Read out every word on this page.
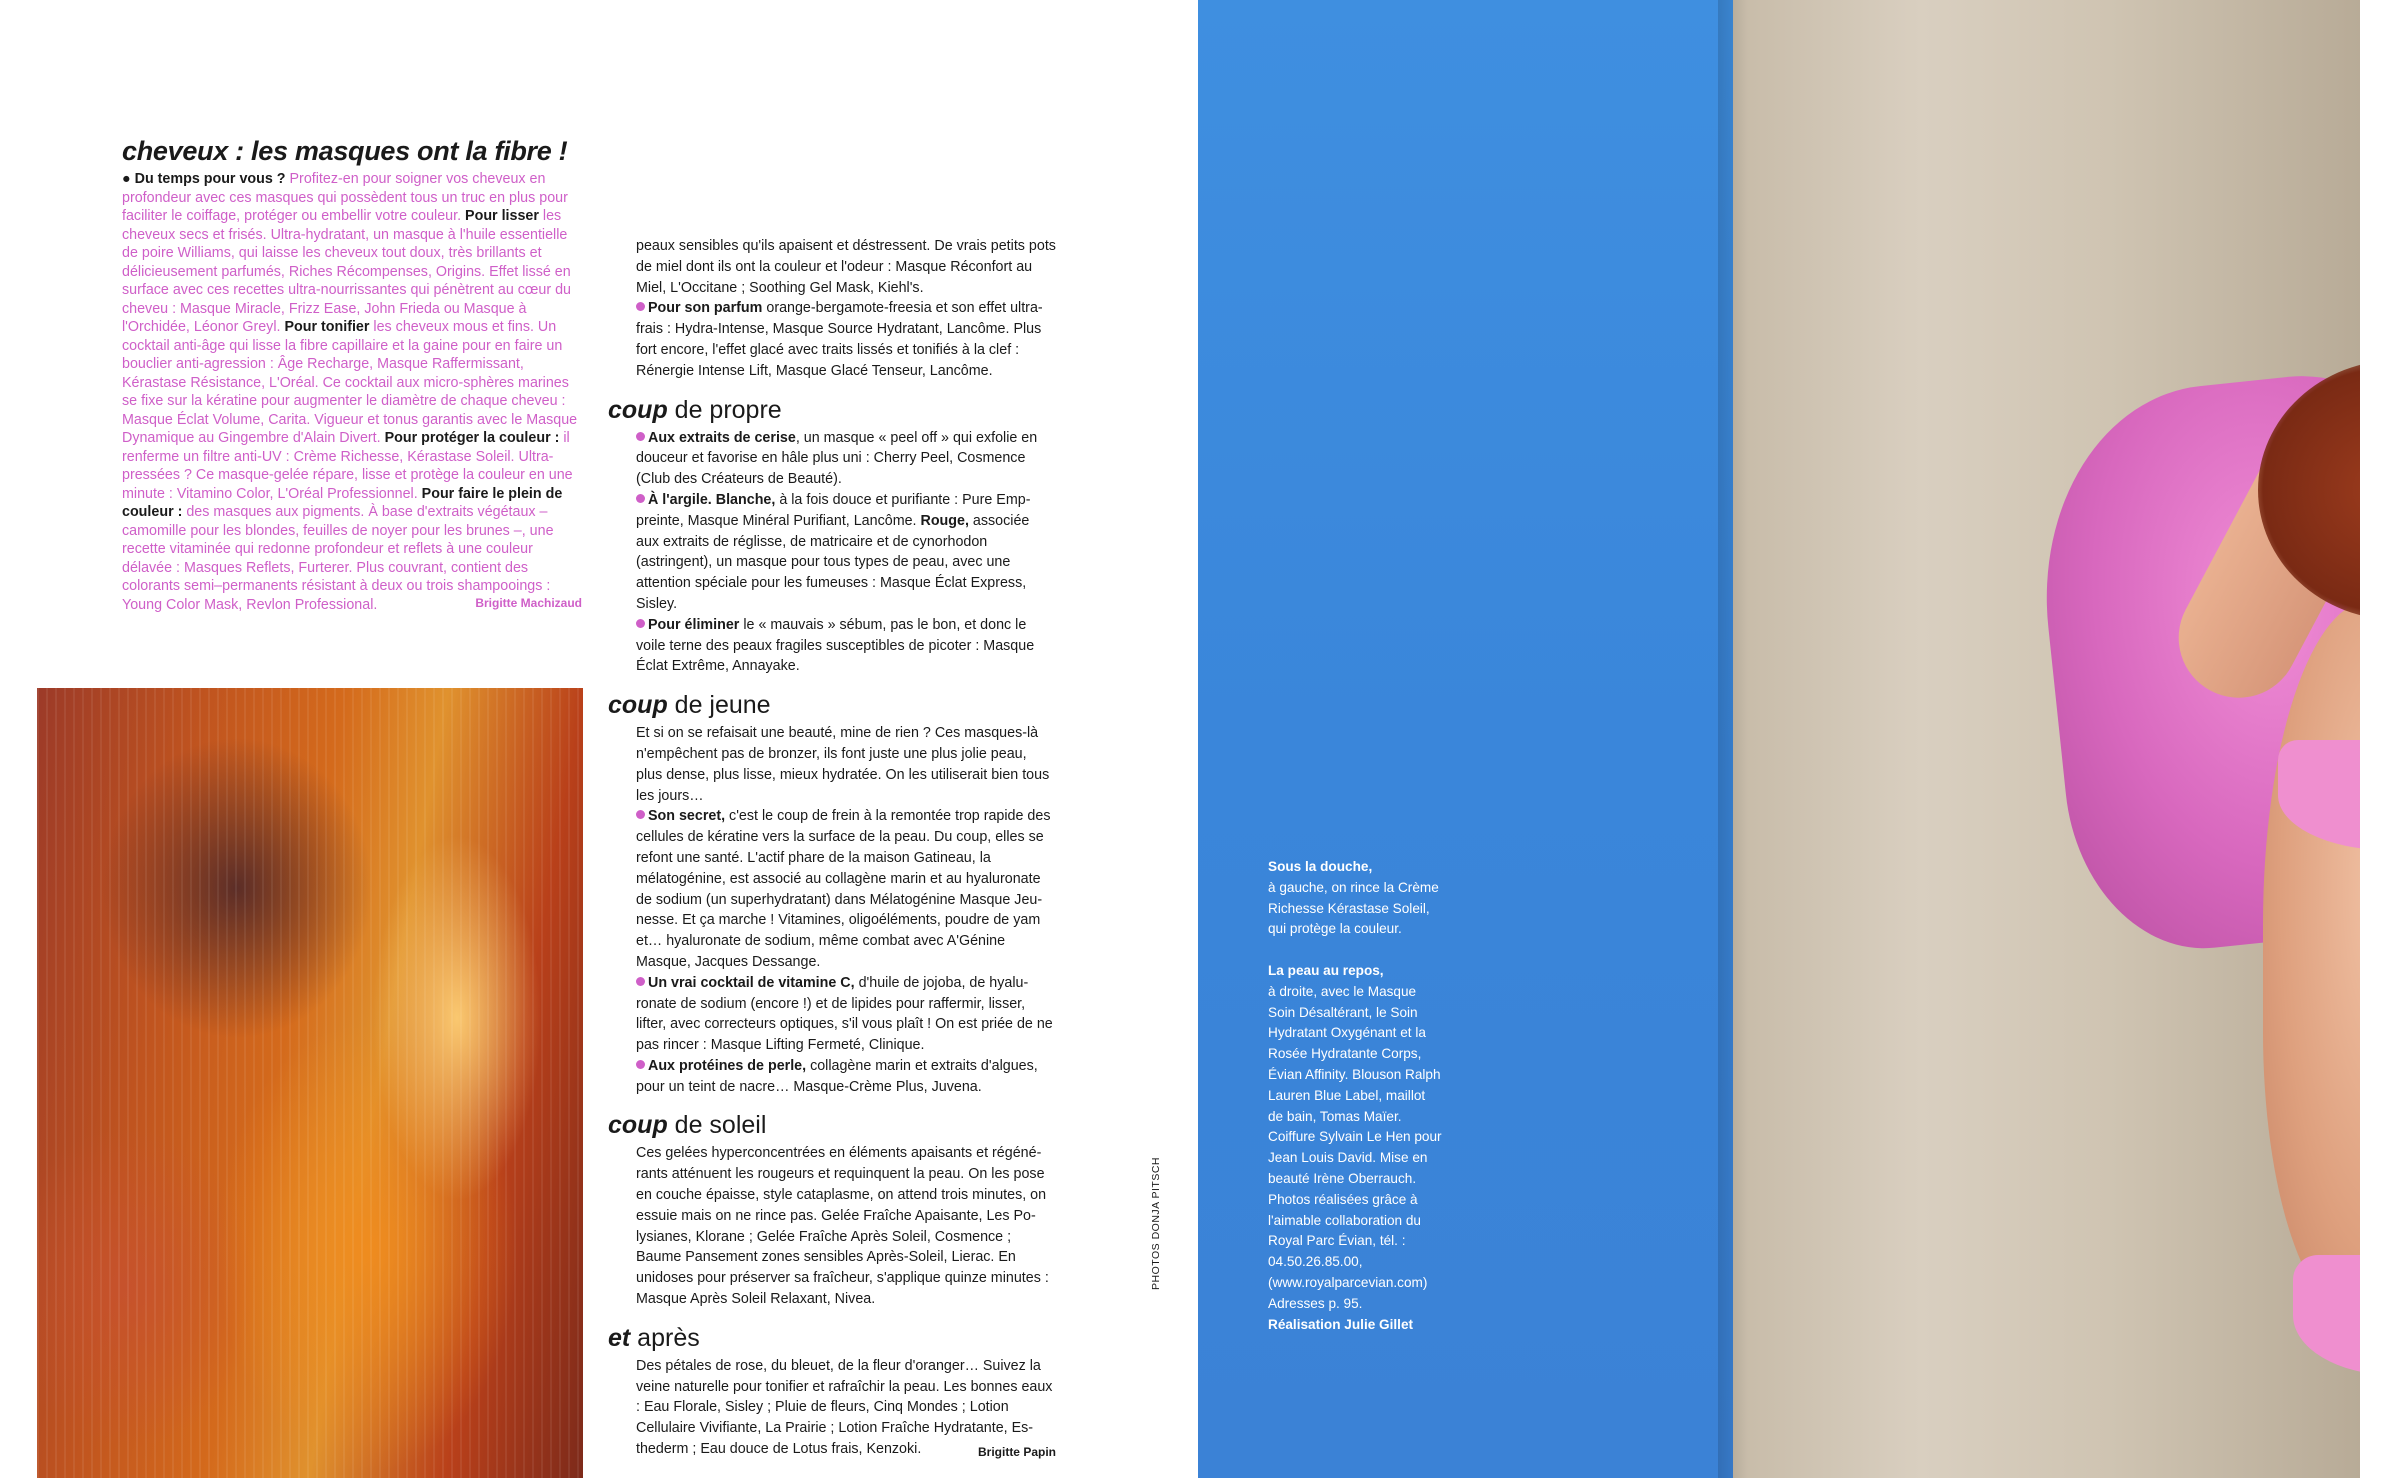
cheveux : les masques ont la fibre !

● Du temps pour vous ? Profitez-en pour soigner vos cheveux en profondeur avec ces masques qui possèdent tous un truc en plus pour faciliter le coiffage, protéger ou embellir votre couleur. Pour lisser les cheveux secs et frisés. Ultra-hydratant, un masque à l'huile essentielle de poire Williams, qui laisse les cheveux tout doux, très brillants et délicieusement parfumés, Riches Récompenses, Origins. Effet lissé en surface avec ces recettes ultra-nourrissantes qui pénètrent au cœur du cheveu : Masque Miracle, Frizz Ease, John Frieda ou Masque à l'Orchidée, Léonor Greyl. Pour tonifier les cheveux mous et fins. Un cocktail anti-âge qui lisse la fibre capillaire et la gaine pour en faire un bouclier anti-agression : Âge Recharge, Masque Raffermissant, Kérastase Résistance, L'Oréal. Ce cocktail aux micro-sphères marines se fixe sur la kératine pour augmenter le diamètre de chaque cheveu : Masque Éclat Volume, Carita. Vigueur et tonus garantis avec le Masque Dynamique au Gingembre d'Alain Divert. Pour protéger la couleur : il renferme un filtre anti-UV : Crème Richesse, Kérastase Soleil. Ultra-pressées ? Ce masque-gelée répare, lisse et protège la couleur en une minute : Vitamino Color, L'Oréal Professionnel. Pour faire le plein de couleur : des masques aux pigments. À base d'extraits végétaux – camomille pour les blondes, feuilles de noyer pour les brunes –, une recette vitaminée qui redonne profondeur et reflets à une couleur délavée : Masques Reflets, Furterer. Plus couvrant, contient des colorants semi–permanents résistant à deux ou trois shampooings : Young Color Mask, Revlon Professional.	Brigitte Machizaud

peaux sensibles qu'ils apaisent et déstressent. De vrais petits pots de miel dont ils ont la couleur et l'odeur : Masque Réconfort au Miel, L'Occitane ; Soothing Gel Mask, Kiehl's.

Pour son parfum orange-bergamote-freesia et son effet ultra-frais : Hydra-Intense, Masque Source Hydratant, Lancôme. Plus fort encore, l'effet glacé avec traits lissés et tonifiés à la clef : Rénergie Intense Lift, Masque Glacé Tenseur, Lancôme.

coup de propre

Aux extraits de cerise, un masque « peel off » qui exfolie en douceur et favorise en hâle plus uni : Cherry Peel, Cosmence (Club des Créateurs de Beauté).

À l'argile. Blanche, à la fois douce et purifiante : Pure Emp-preinte, Masque Minéral Purifiant, Lancôme. Rouge, associée aux extraits de réglisse, de matricaire et de cynorhodon (astringent), un masque pour tous types de peau, avec une attention spéciale pour les fumeuses : Masque Éclat Express, Sisley.

Pour éliminer le « mauvais » sébum, pas le bon, et donc le voile terne des peaux fragiles susceptibles de picoter : Masque Éclat Extrême, Annayake.

coup de jeune

Et si on se refaisait une beauté, mine de rien ? Ces masques-là n'empêchent pas de bronzer, ils font juste une plus jolie peau, plus dense, plus lisse, mieux hydratée. On les utiliserait bien tous les jours…

Son secret, c'est le coup de frein à la remontée trop rapide des cellules de kératine vers la surface de la peau. Du coup, elles se refont une santé. L'actif phare de la maison Gatineau, la mélatogénine, est associé au collagène marin et au hyaluronate de sodium (un superhydratant) dans Mélatogénine Masque Jeu-nesse. Et ça marche ! Vitamines, oligoéléments, poudre de yam et… hyaluronate de sodium, même combat avec A'Génine Masque, Jacques Dessange.

Un vrai cocktail de vitamine C, d'huile de jojoba, de hyalu-ronate de sodium (encore !) et de lipides pour raffermir, lisser, lifter, avec correcteurs optiques, s'il vous plaît ! On est priée de ne pas rincer : Masque Lifting Fermeté, Clinique.

Aux protéines de perle, collagène marin et extraits d'algues, pour un teint de nacre… Masque-Crème Plus, Juvena.

coup de soleil

Ces gelées hyperconcentrées en éléments apaisants et régéné-rants atténuent les rougeurs et requinquent la peau. On les pose en couche épaisse, style cataplasme, on attend trois minutes, on essuie mais on ne rince pas. Gelée Fraîche Apaisante, Les Po-lysianes, Klorane ; Gelée Fraîche Après Soleil, Cosmence ; Baume Pansement zones sensibles Après-Soleil, Lierac. En unidoses pour préserver sa fraîcheur, s'applique quinze minutes : Masque Après Soleil Relaxant, Nivea.

et après

Des pétales de rose, du bleuet, de la fleur d'oranger… Suivez la veine naturelle pour tonifier et rafraîchir la peau. Les bonnes eaux : Eau Florale, Sisley ; Pluie de fleurs, Cinq Mondes ; Lotion Cellulaire Vivifiante, La Prairie ; Lotion Fraîche Hydratante, Es-thederm ; Eau douce de Lotus frais, Kenzoki.	Brigitte Papin

PHOTOS DONJA PITSCH

Sous la douche,
à gauche, on rince la Crème Richesse Kérastase Soleil, qui protège la couleur.

La peau au repos,
à droite, avec le Masque Soin Désaltérant, le Soin Hydratant Oxygénant et la Rosée Hydratante Corps, Évian Affinity. Blouson Ralph Lauren Blue Label, maillot de bain, Tomas Maïer. Coiffure Sylvain Le Hen pour Jean Louis David. Mise en beauté Irène Oberrauch. Photos réalisées grâce à l'aimable collaboration du Royal Parc Évian, tél. : 04.50.26.85.00, (www.royalparcevian.com) Adresses p. 95.
Réalisation Julie Gillet
